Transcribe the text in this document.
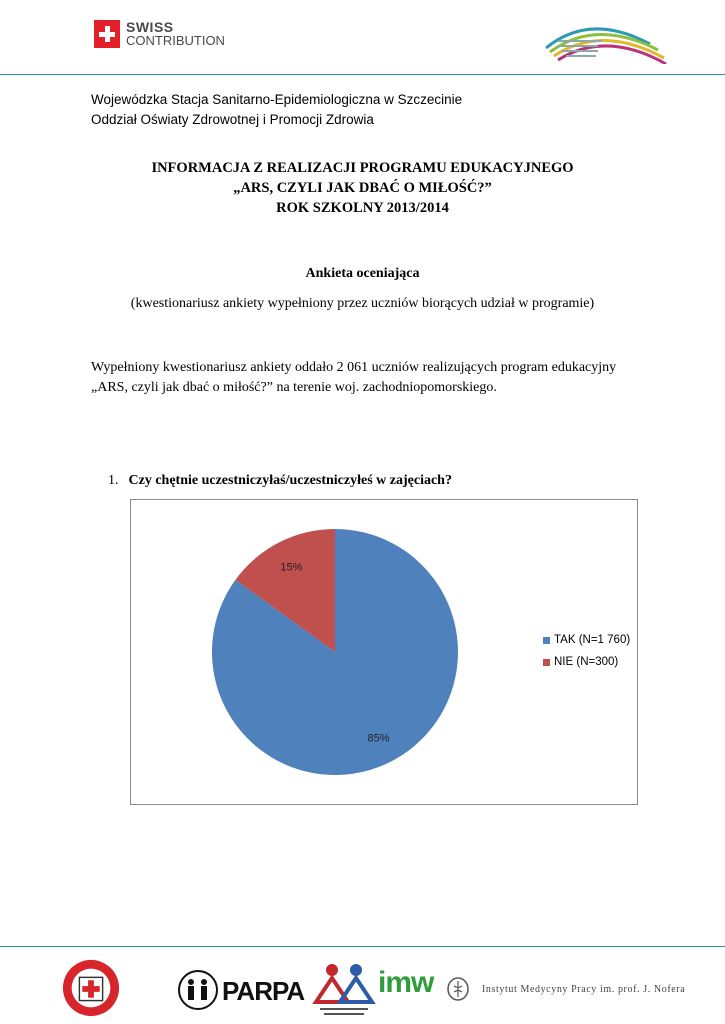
SWISS
CONTRIBUTION
Wojewódzka Stacja Sanitarno-Epidemiologiczna w Szczecinie
Oddział Oświaty Zdrowotnej i Promocji Zdrowia
INFORMACJA Z REALIZACJI PROGRAMU EDUKACYJNEGO
„ARS, CZYLI JAK DBAĆ O MIŁOŚĆ?”
ROK SZKOLNY 2013/2014
Ankieta oceniająca
(kwestionariusz ankiety wypełniony przez uczniów biorących udział w programie)
Wypełniony kwestionariusz ankiety oddało 2 061 uczniów realizujących program edukacyjny
„ARS, czyli jak dbać o miłość?” na terenie woj. zachodniopomorskiego.
1. Czy chętnie uczestniczyłaś/uczestniczyłeś w zajęciach?
85%
15%
TAK (N=1 760)
NIE (N=300)
PARPA imw	Instytut Medycyny Pracy im. prof. J. Nofera
